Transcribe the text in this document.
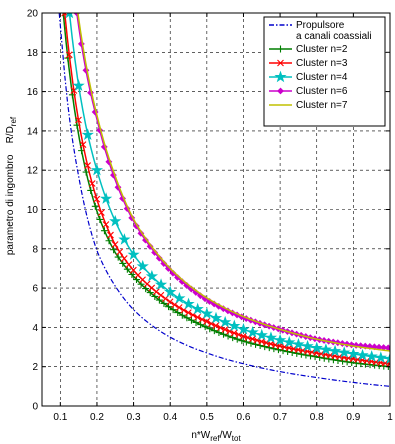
0.1 0.2 0.3 0.4 0.5 0.6 0.7 0.8 0.9	1
0
2
4
6
8
10
12
14
16
18
20
$n*W_{ref}/W_{tot}$
parametro di ingombro    $R/D_{ref}$
Propulsore
a canali coassiali
Cluster n=2
Cluster n=3
Cluster n=4
Cluster n=6
Cluster n=7
